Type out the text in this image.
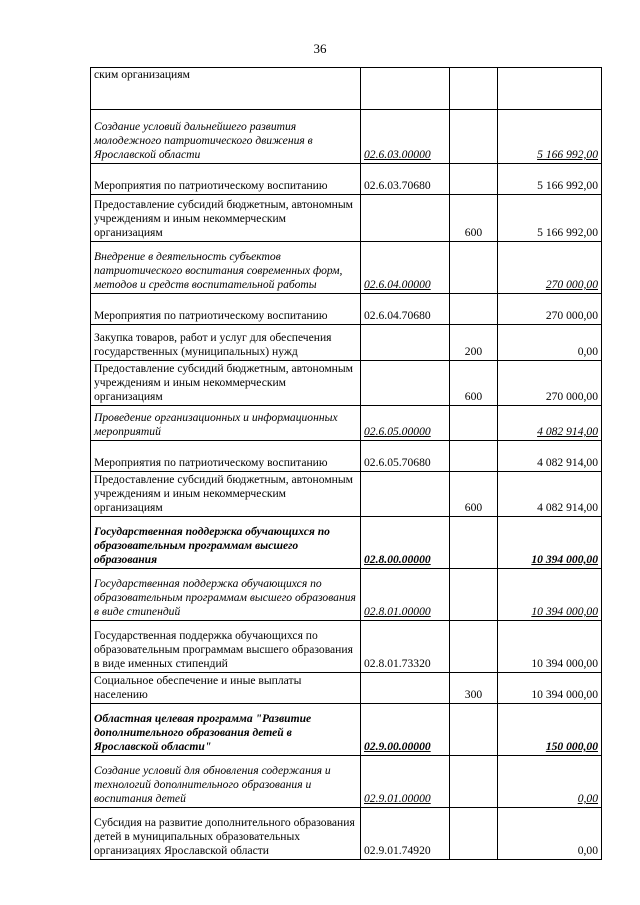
36
ским организациям			
Создание условий дальнейшего развития молодежного патриотического движения в Ярославской области	02.6.03.00000		5 166 992,00
Мероприятия по патриотическому воспитанию	02.6.03.70680		5 166 992,00
Предоставление субсидий бюджетным, автономным учреждениям и иным некоммерческим организациям		600	5 166 992,00
Внедрение в деятельность субъектов патриотического воспитания современных форм, методов и средств воспитательной работы	02.6.04.00000		270 000,00
Мероприятия по патриотическому воспитанию	02.6.04.70680		270 000,00
Закупка товаров, работ и услуг для обеспечения государственных (муниципальных) нужд		200	0,00
Предоставление субсидий бюджетным, автономным учреждениям и иным некоммерческим организациям		600	270 000,00
Проведение организационных и информационных мероприятий	02.6.05.00000		4 082 914,00
Мероприятия по патриотическому воспитанию	02.6.05.70680		4 082 914,00
Предоставление субсидий бюджетным, автономным учреждениям и иным некоммерческим организациям		600	4 082 914,00
Государственная поддержка обучающихся по образовательным программам высшего образования	02.8.00.00000		10 394 000,00
Государственная поддержка обучающихся по образовательным программам высшего образования в виде стипендий	02.8.01.00000		10 394 000,00
Государственная поддержка обучающихся по образовательным программам высшего образования в виде именных стипендий	02.8.01.73320		10 394 000,00
Социальное обеспечение и иные выплаты населению		300	10 394 000,00
Областная целевая программа "Развитие дополнительного образования детей в Ярославской области"	02.9.00.00000		150 000,00
Создание условий для обновления содержания и технологий дополнительного образования и воспитания детей	02.9.01.00000		0,00
Субсидия на развитие дополнительного образования детей в муниципальных образовательных организациях Ярославской области	02.9.01.74920		0,00
